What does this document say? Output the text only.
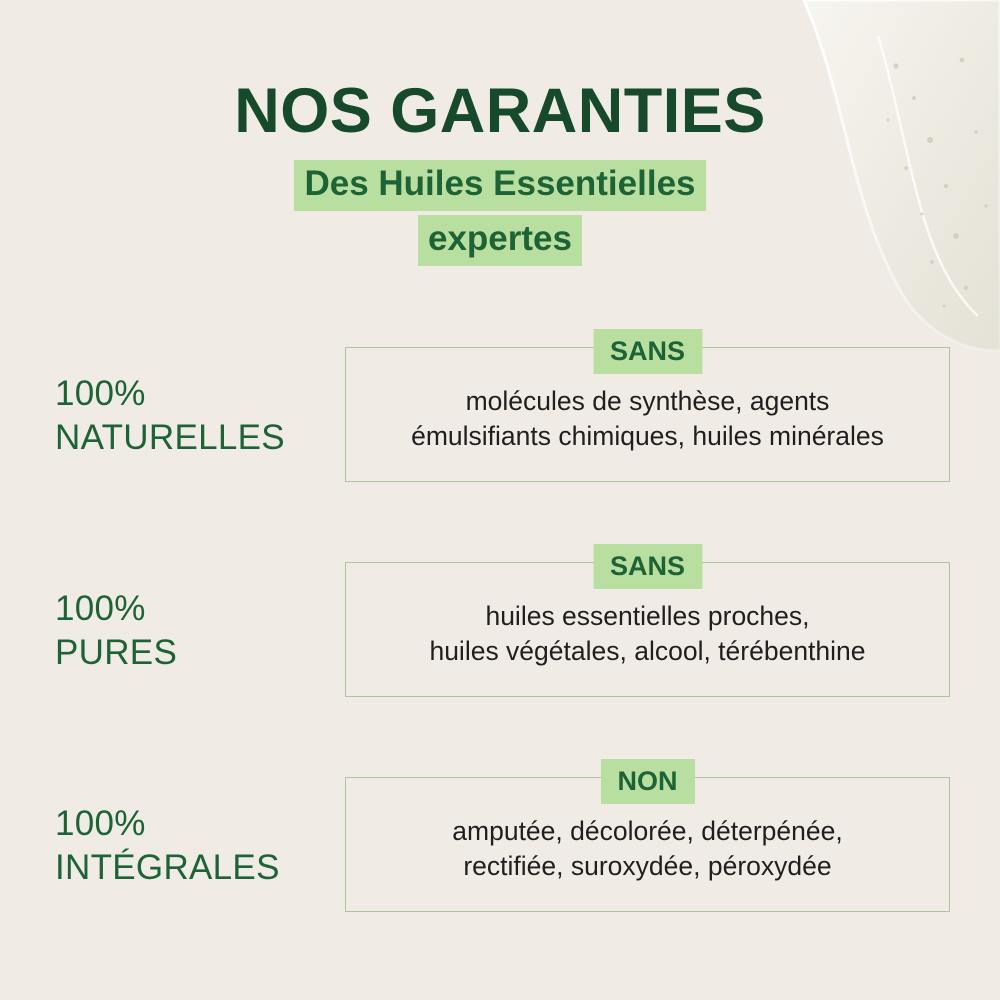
NOS GARANTIES
Des Huiles Essentielles
expertes
100%
NATURELLES
SANS
molécules de synthèse, agents
émulsifiants chimiques, huiles minérales
100%
PURES
SANS
huiles essentielles proches,
huiles végétales, alcool, térébenthine
100%
INTÉGRALES
NON
amputée, décolorée, déterpénée,
rectifiée, suroxydée, péroxydée
